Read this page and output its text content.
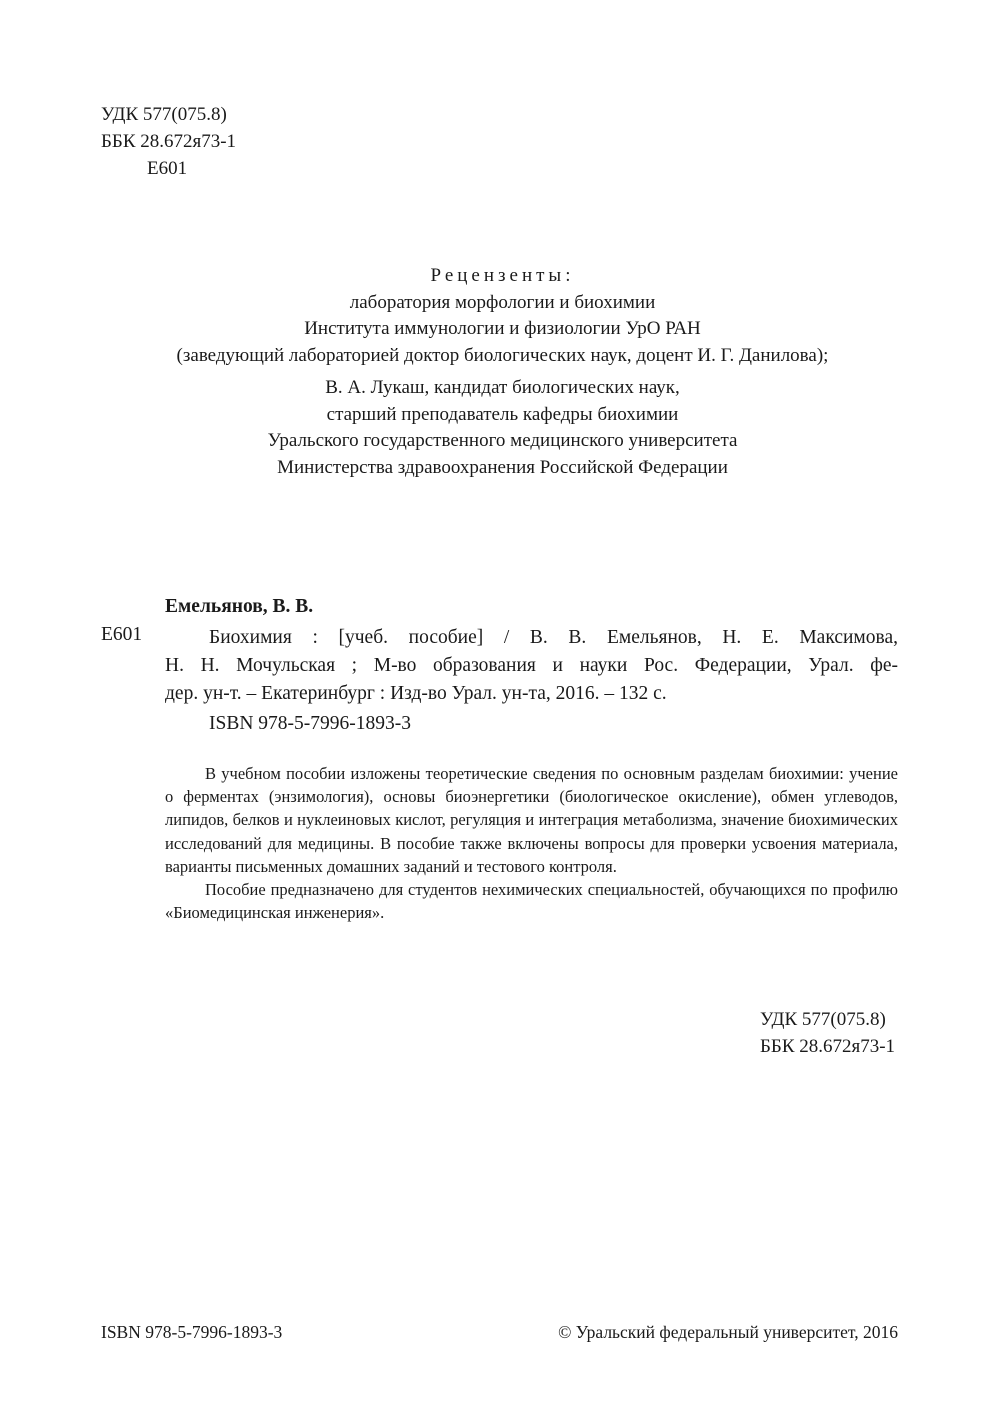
УДК 577(075.8)
ББК 28.672я73-1
Е601
Рецензенты:
лаборатория морфологии и биохимии
Института иммунологии и физиологии УрО РАН
(заведующий лабораторией доктор биологических наук, доцент И. Г. Данилова);
В. А. Лукаш, кандидат биологических наук,
старший преподаватель кафедры биохимии
Уральского государственного медицинского университета
Министерства здравоохранения Российской Федерации
Емельянов, В. В.
Е601	Биохимия : [учеб. пособие] / В. В. Емельянов, Н. Е. Максимова,
Н. Н. Мочульская ; М-во образования и науки Рос. Федерации, Урал. фе-
дер. ун-т. – Екатеринбург : Изд-во Урал. ун-та, 2016. – 132 с.
ISBN 978-5-7996-1893-3

В учебном пособии изложены теоретические сведения по основным разделам биохимии: учение о ферментах (энзимология), основы биоэнергетики (биологическое окисление), обмен углеводов, липидов, белков и нуклеиновых кислот, регуляция и интеграция метаболизма, значение биохимических исследований для медицины. В пособие также включены вопросы для проверки усвоения материала, варианты письменных домашних заданий и тестового контроля.

Пособие предназначено для студентов нехимических специальностей, обучающихся по профилю «Биомедицинская инженерия».

УДК 577(075.8)
ББК 28.672я73-1
ISBN 978-5-7996-1893-3	© Уральский федеральный университет, 2016
